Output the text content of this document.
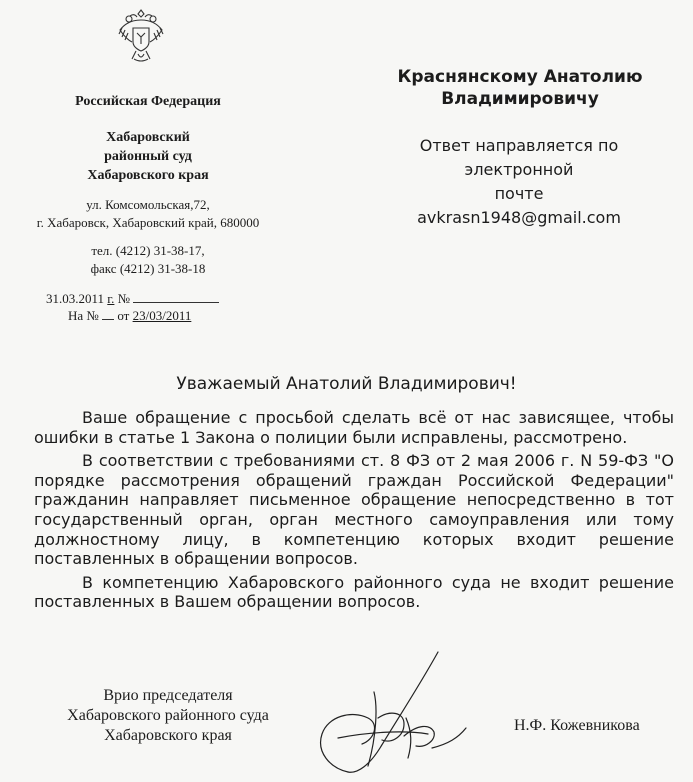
Российская Федерация
Хабаровский
районный суд
Хабаровского края
ул. Комсомольская,72,
г. Хабаровск, Хабаровский край, 680000
тел. (4212) 31-38-17,
факс (4212) 31-38-18
31.03.2011 г. №
На № от 23/03/2011
Краснянскому Анатолию
Владимировичу
Ответ направляется по электронной
почте
avkrasn1948@gmail.com
Уважаемый Анатолий Владимирович!

Ваше обращение с просьбой сделать всё от нас зависящее, чтобы ошибки в статье 1 Закона о полиции были исправлены, рассмотрено.

В соответствии с требованиями ст. 8 ФЗ от 2 мая 2006 г. N 59-ФЗ "О порядке рассмотрения обращений граждан Российской Федерации" гражданин направляет письменное обращение непосредственно в тот государственный орган, орган местного самоуправления или тому должностному лицу, в компетенцию которых входит решение поставленных в обращении вопросов.

В компетенцию Хабаровского районного суда не входит решение поставленных в Вашем обращении вопросов.

Врио председателя
Хабаровского районного суда
Хабаровского края
Н.Ф. Кожевникова
